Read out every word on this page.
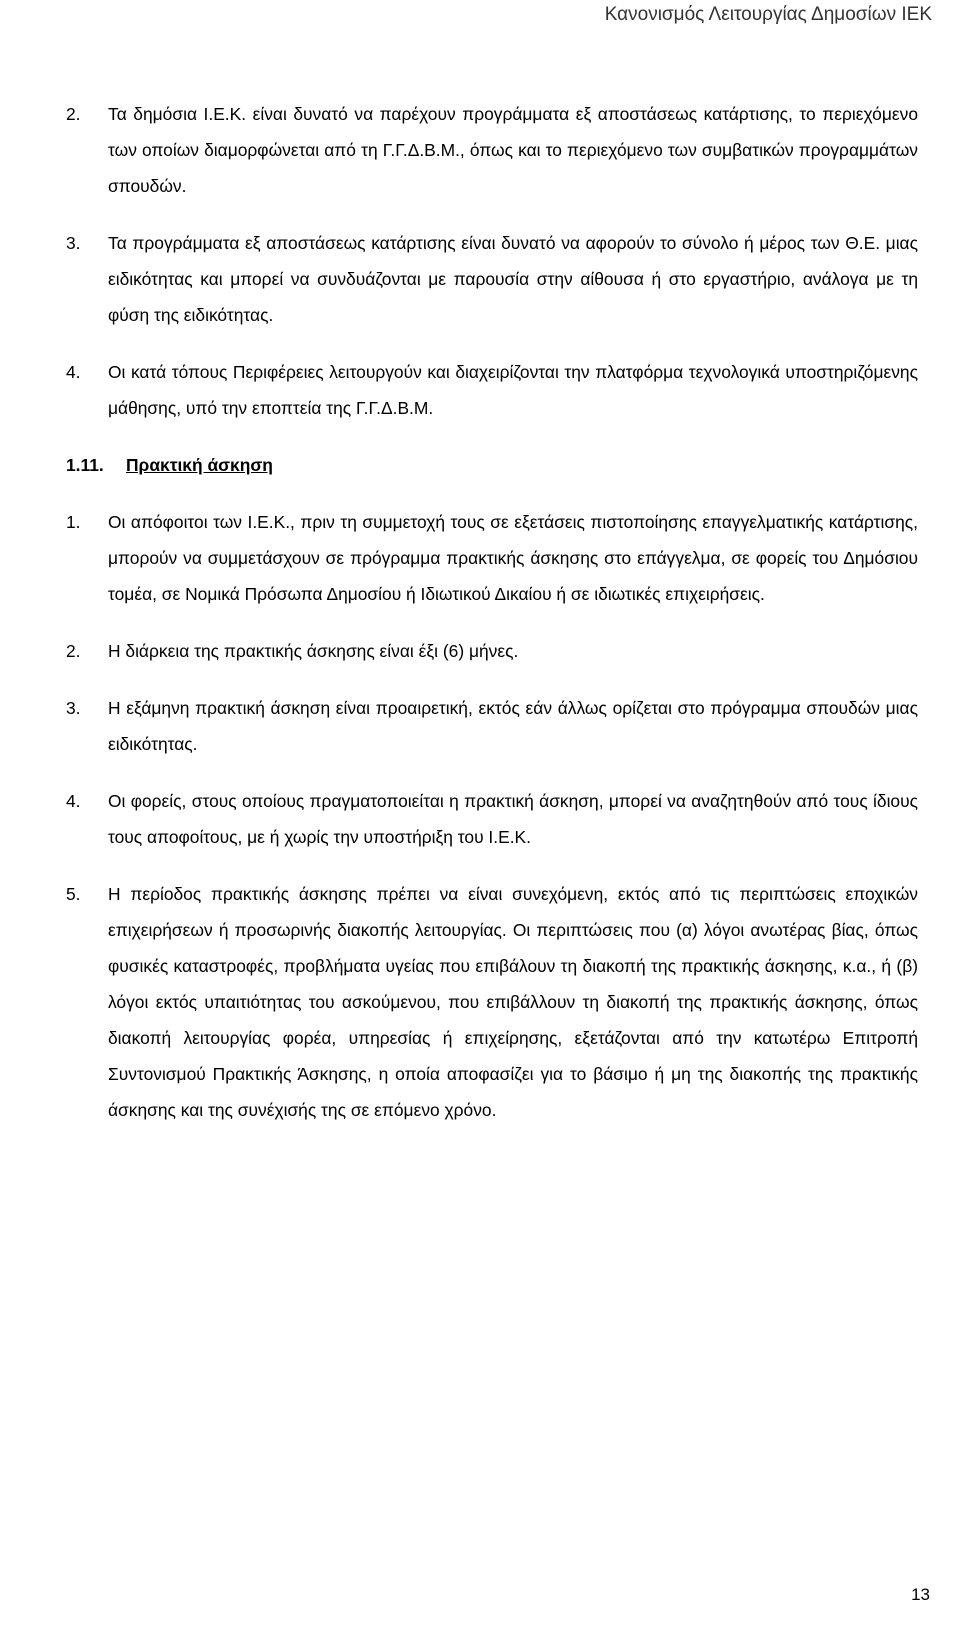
Κανονισμός Λειτουργίας Δημοσίων ΙΕΚ
2.	Τα δημόσια Ι.Ε.Κ. είναι δυνατό να παρέχουν προγράμματα εξ αποστάσεως κατάρτισης, το περιεχόμενο των οποίων διαμορφώνεται από τη Γ.Γ.Δ.Β.Μ., όπως και το περιεχόμενο των συμβατικών προγραμμάτων σπουδών.
3.	Τα προγράμματα εξ αποστάσεως κατάρτισης είναι δυνατό να αφορούν το σύνολο ή μέρος των Θ.Ε. μιας ειδικότητας και μπορεί να συνδυάζονται με παρουσία στην αίθουσα ή στο εργαστήριο, ανάλογα με τη φύση της ειδικότητας.
4.	Οι κατά τόπους Περιφέρειες λειτουργούν και διαχειρίζονται την πλατφόρμα τεχνολογικά υποστηριζόμενης μάθησης, υπό την εποπτεία της Γ.Γ.Δ.Β.Μ.
1.11.	Πρακτική άσκηση
1.	Οι απόφοιτοι των Ι.Ε.Κ., πριν τη συμμετοχή τους σε εξετάσεις πιστοποίησης επαγγελματικής κατάρτισης, μπορούν να συμμετάσχουν σε πρόγραμμα πρακτικής άσκησης στο επάγγελμα, σε φορείς του Δημόσιου τομέα, σε Νομικά Πρόσωπα Δημοσίου ή Ιδιωτικού Δικαίου ή σε ιδιωτικές επιχειρήσεις.
2.	Η διάρκεια της πρακτικής άσκησης είναι έξι (6) μήνες.
3.	Η εξάμηνη πρακτική άσκηση είναι προαιρετική, εκτός εάν άλλως ορίζεται στο πρόγραμμα σπουδών μιας ειδικότητας.
4.	Οι φορείς, στους οποίους πραγματοποιείται η πρακτική άσκηση, μπορεί να αναζητηθούν από τους ίδιους τους αποφοίτους, με ή χωρίς την υποστήριξη του Ι.Ε.Κ.
5.	Η περίοδος πρακτικής άσκησης πρέπει να είναι συνεχόμενη, εκτός από τις περιπτώσεις εποχικών επιχειρήσεων ή προσωρινής διακοπής λειτουργίας. Οι περιπτώσεις που (α) λόγοι ανωτέρας βίας, όπως φυσικές καταστροφές, προβλήματα υγείας που επιβάλουν τη διακοπή της πρακτικής άσκησης, κ.α., ή (β) λόγοι εκτός υπαιτιότητας του ασκούμενου, που επιβάλλουν τη διακοπή της πρακτικής άσκησης, όπως διακοπή λειτουργίας φορέα, υπηρεσίας ή επιχείρησης, εξετάζονται από την κατωτέρω Επιτροπή Συντονισμού Πρακτικής Άσκησης, η οποία αποφασίζει για το βάσιμο ή μη της διακοπής της πρακτικής άσκησης και της συνέχισής της σε επόμενο χρόνο.
13
